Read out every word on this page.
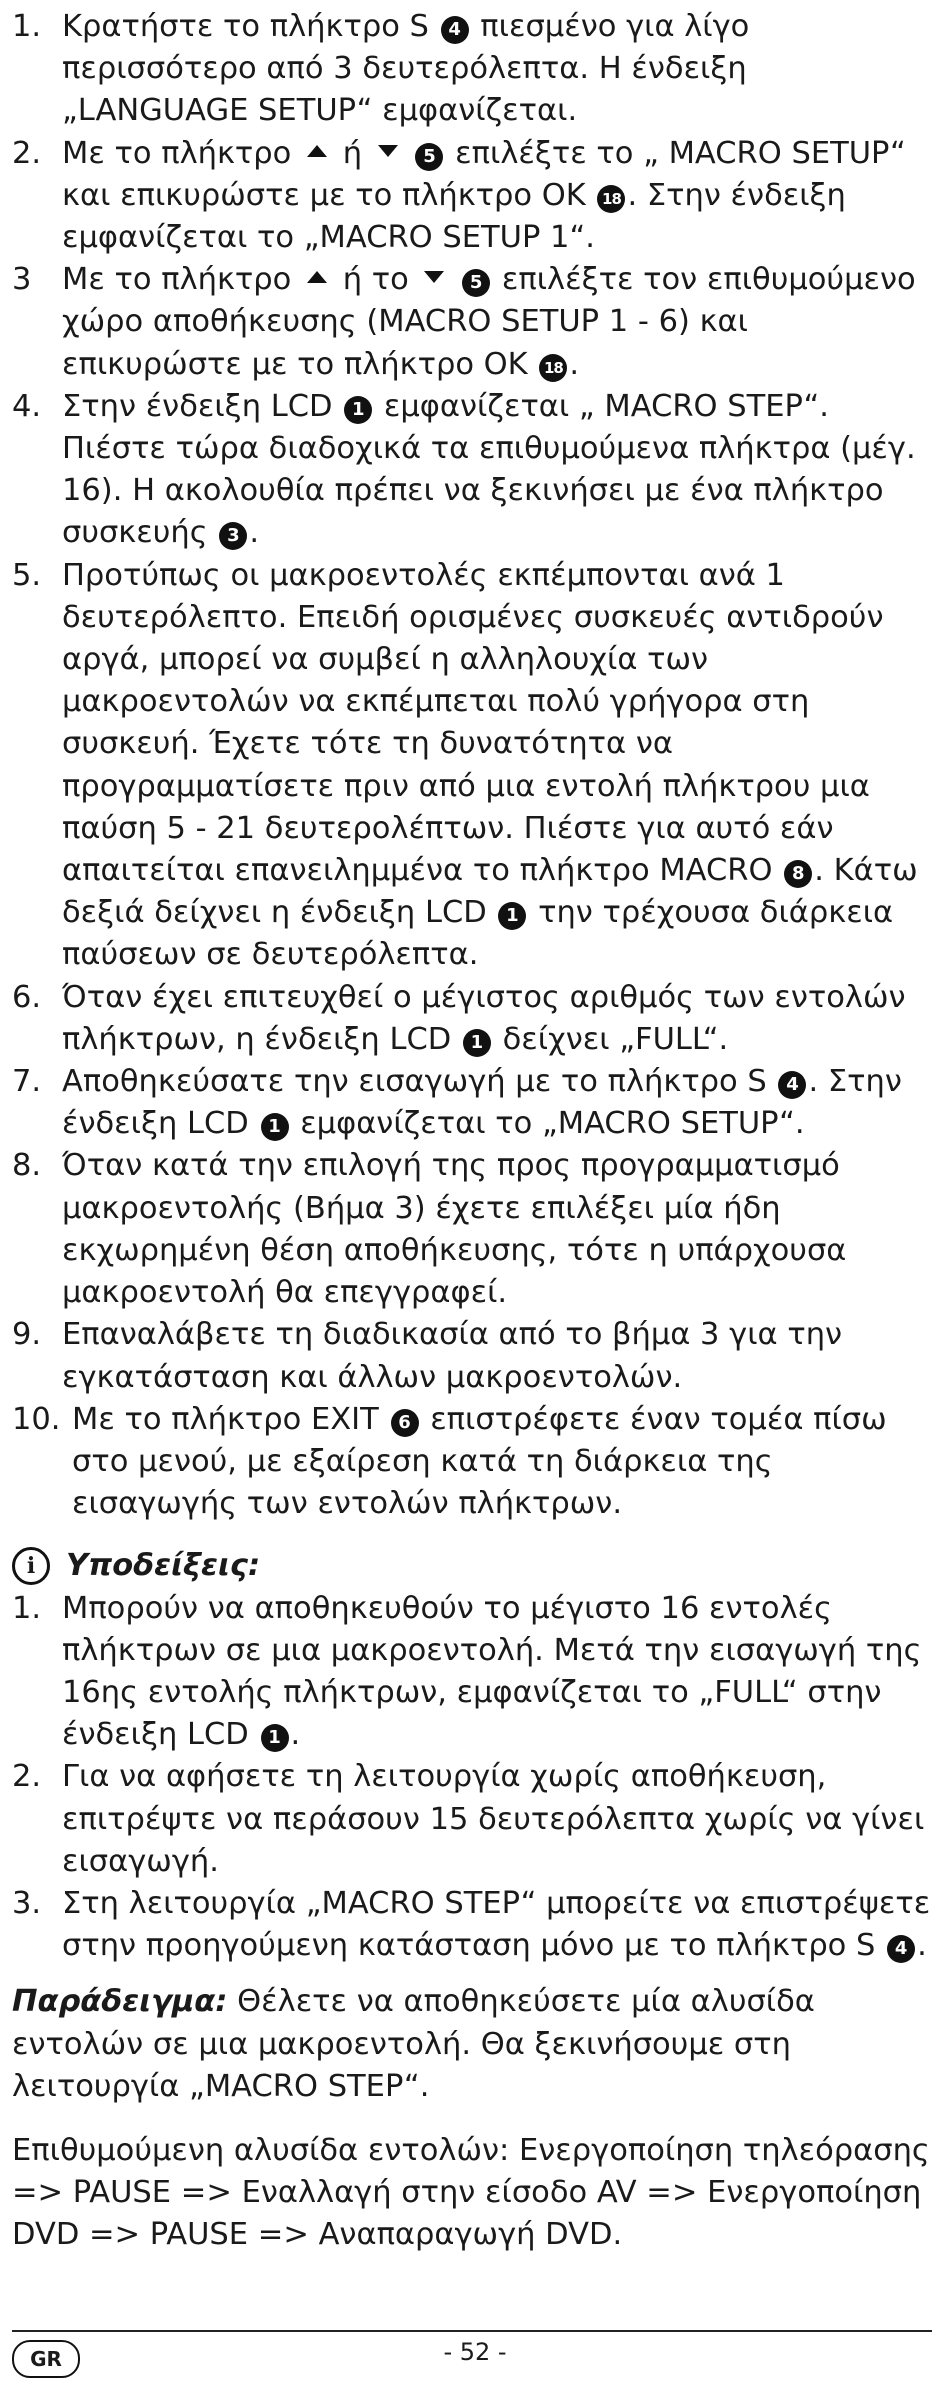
1. Κρατήστε το πλήκτρο S 4 πιεσμένο για λίγο περισσότερο από 3 δευτερόλεπτα. Η ένδειξη „LANGUAGE SETUP“ εμφανίζεται.
2. Με το πλήκτρο  ή	5 επιλέξτε το „ MACRO SETUP“ και επικυρώστε με το πλήκτρο OK 18 . Στην ένδειξη εμφανίζεται το „MACRO SETUP 1“.
3 Με το πλήκτρο  ή το	5 επιλέξτε τον επιθυμούμενο χώρο αποθήκευσης (MACRO SETUP 1 - 6) και επικυρώστε με το πλήκτρο OK 18 .
4. Στην ένδειξη LCD 1 εμφανίζεται „ MACRO STEP“. Πιέστε τώρα διαδοχικά τα επιθυμούμενα πλήκτρα (μέγ. 16). Η ακολουθία πρέπει να ξεκινήσει με ένα πλήκτρο συσκευής 3 .
5. Προτύπως οι μακροεντολές εκπέμπονται ανά 1 δευτερόλεπτο. Επειδή ορισμένες συσκευές αντιδρούν αργά, μπορεί να συμβεί η αλληλουχία των μακροεντολών να εκπέμπεται πολύ γρήγορα στη συσκευή. Έχετε τότε τη δυνατότητα να προγραμματίσετε πριν από μια εντολή πλήκτρου μια παύση 5 - 21 δευτερολέπτων. Πιέστε για αυτό εάν απαιτείται επανειλημμένα το πλήκτρο MACRO 8 . Κάτω δεξιά δείχνει η ένδειξη LCD 1 την τρέχουσα διάρκεια παύσεων σε δευτερόλεπτα.
6. Όταν έχει επιτευχθεί ο μέγιστος αριθμός των εντολών πλήκτρων, η ένδειξη LCD 1 δείχνει „FULL“.
7. Αποθηκεύσατε την εισαγωγή με το πλήκτρο S 4 . Στην ένδειξη LCD 1 εμφανίζεται το „MACRO SETUP“.
8. Όταν κατά την επιλογή της προς προγραμματισμό μακροεντολής (Βήμα 3) έχετε επιλέξει μία ήδη εκχωρημένη θέση αποθήκευσης, τότε η υπάρχουσα μακροεντολή θα επεγγραφεί.
9. Επαναλάβετε τη διαδικασία από το βήμα 3 για την εγκατάσταση και άλλων μακροεντολών.
10. Με το πλήκτρο EXIT 6 επιστρέφετε έναν τομέα πίσω στο μενού, με εξαίρεση κατά τη διάρκεια της εισαγωγής των εντολών πλήκτρων.
i	Υποδείξεις:
1. Μπορούν να αποθηκευθούν το μέγιστο 16 εντολές πλήκτρων σε μια μακροεντολή. Μετά την εισαγωγή της 16ης εντολής πλήκτρων, εμφανίζεται το „FULL“ στην ένδειξη LCD 1 .
2. Για να αφήσετε τη λειτουργία χωρίς αποθήκευση, επιτρέψτε να περάσουν 15 δευτερόλεπτα χωρίς να γίνει εισαγωγή.
3. Στη λειτουργία „MACRO STEP“ μπορείτε να επιστρέψετε στην προηγούμενη κατάσταση μόνο με το πλήκτρο S 4 .

Παράδειγμα: Θέλετε να αποθηκεύσετε μία αλυσίδα εντολών σε μια μακροεντολή. Θα ξεκινήσουμε στη λειτουργία „MACRO STEP“.

Επιθυμούμενη αλυσίδα εντολών: Ενεργοποίηση τηλεόρασης => PAUSE => Εναλλαγή στην είσοδο AV => Ενεργοποίηση DVD => PAUSE => Αναπαραγωγή DVD.

GR	- 52 -
